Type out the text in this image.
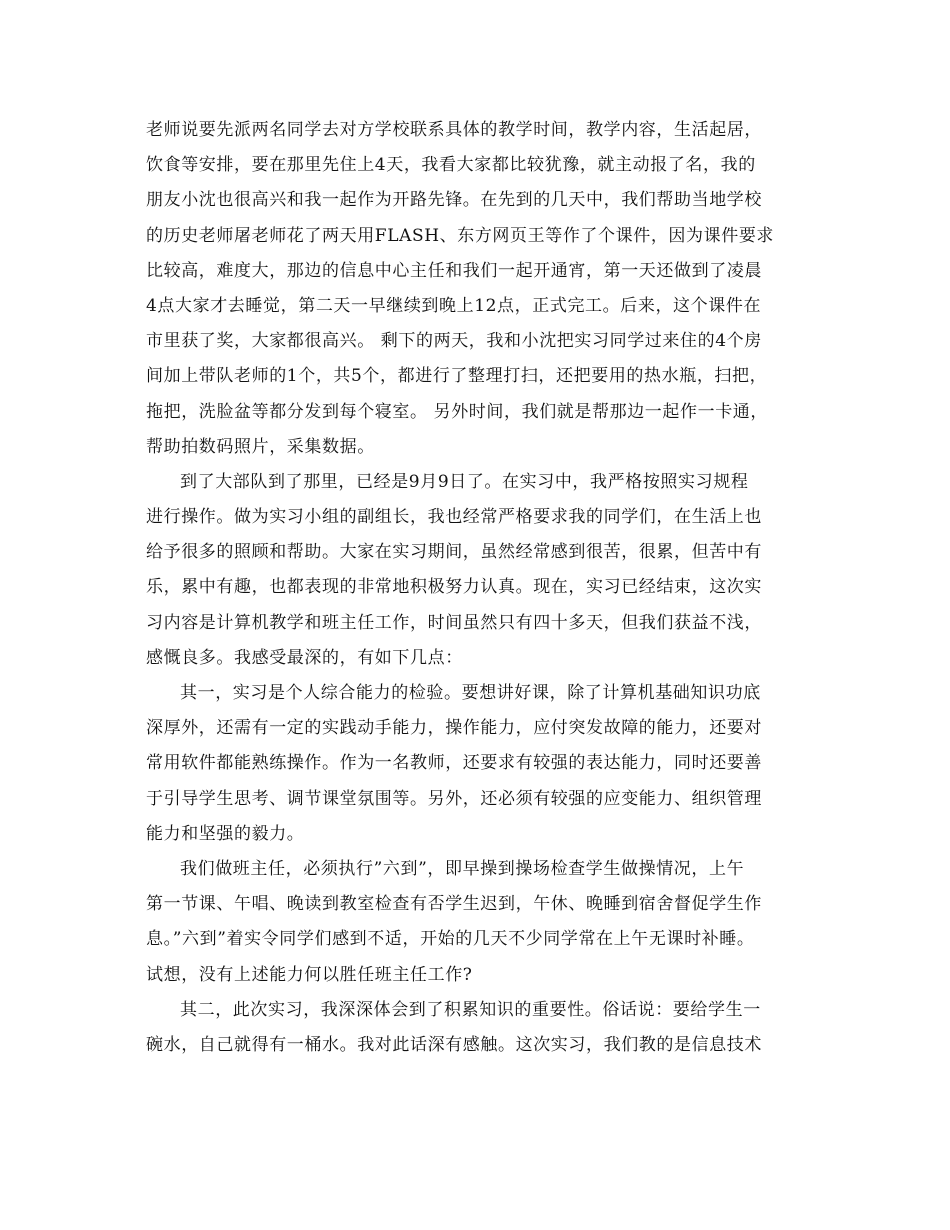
老师说要先派两名同学去对方学校联系具体的教学时间，教学内容，生活起居，
饮食等安排，要在那里先住上4天，我看大家都比较犹豫，就主动报了名，我的
朋友小沈也很高兴和我一起作为开路先锋。在先到的几天中，我们帮助当地学校
的历史老师屠老师花了两天用FLASH、东方网页王等作了个课件，因为课件要求
比较高，难度大，那边的信息中心主任和我们一起开通宵，第一天还做到了凌晨
4点大家才去睡觉，第二天一早继续到晚上12点，正式完工。后来，这个课件在
市里获了奖，大家都很高兴。 剩下的两天，我和小沈把实习同学过来住的4个房
间加上带队老师的1个，共5个，都进行了整理打扫，还把要用的热水瓶，扫把，
拖把，洗脸盆等都分发到每个寝室。 另外时间，我们就是帮那边一起作一卡通，
帮助拍数码照片，采集数据。
到了大部队到了那里，已经是9月9日了。在实习中，我严格按照实习规程
进行操作。做为实习小组的副组长，我也经常严格要求我的同学们，在生活上也
给予很多的照顾和帮助。大家在实习期间，虽然经常感到很苦，很累，但苦中有
乐，累中有趣，也都表现的非常地积极努力认真。现在，实习已经结束，这次实
习内容是计算机教学和班主任工作，时间虽然只有四十多天，但我们获益不浅，
感慨良多。我感受最深的，有如下几点：
其一，实习是个人综合能力的检验。要想讲好课，除了计算机基础知识功底
深厚外，还需有一定的实践动手能力，操作能力，应付突发故障的能力，还要对
常用软件都能熟练操作。作为一名教师，还要求有较强的表达能力，同时还要善
于引导学生思考、调节课堂氛围等。另外，还必须有较强的应变能力、组织管理
能力和坚强的毅力。
我们做班主任，必须执行”六到”，即早操到操场检查学生做操情况，上午
第一节课、午唱、晚读到教室检查有否学生迟到，午休、晚睡到宿舍督促学生作
息。”六到”着实令同学们感到不适，开始的几天不少同学常在上午无课时补睡。
试想，没有上述能力何以胜任班主任工作?
其二，此次实习，我深深体会到了积累知识的重要性。俗话说：要给学生一
碗水，自己就得有一桶水。我对此话深有感触。这次实习，我们教的是信息技术
